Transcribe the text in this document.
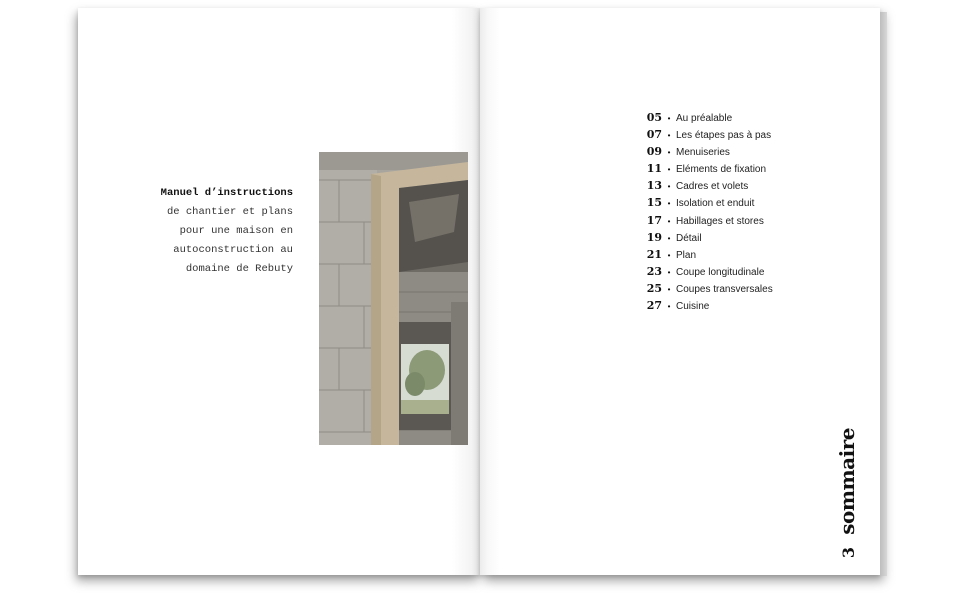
Manuel d’instructions
de chantier et plans
pour une maison en
autoconstruction au
domaine de Rebuty
05 • Au préalable
07 • Les étapes pas à pas
09 • Menuiseries
11 • Eléments de fixation
13 • Cadres et volets
15 • Isolation et enduit
17 • Habillages et stores
19 • Détail
21 • Plan
23 • Coupe longitudinale
25 • Coupes transversales
27 • Cuisine
sommaire
3
